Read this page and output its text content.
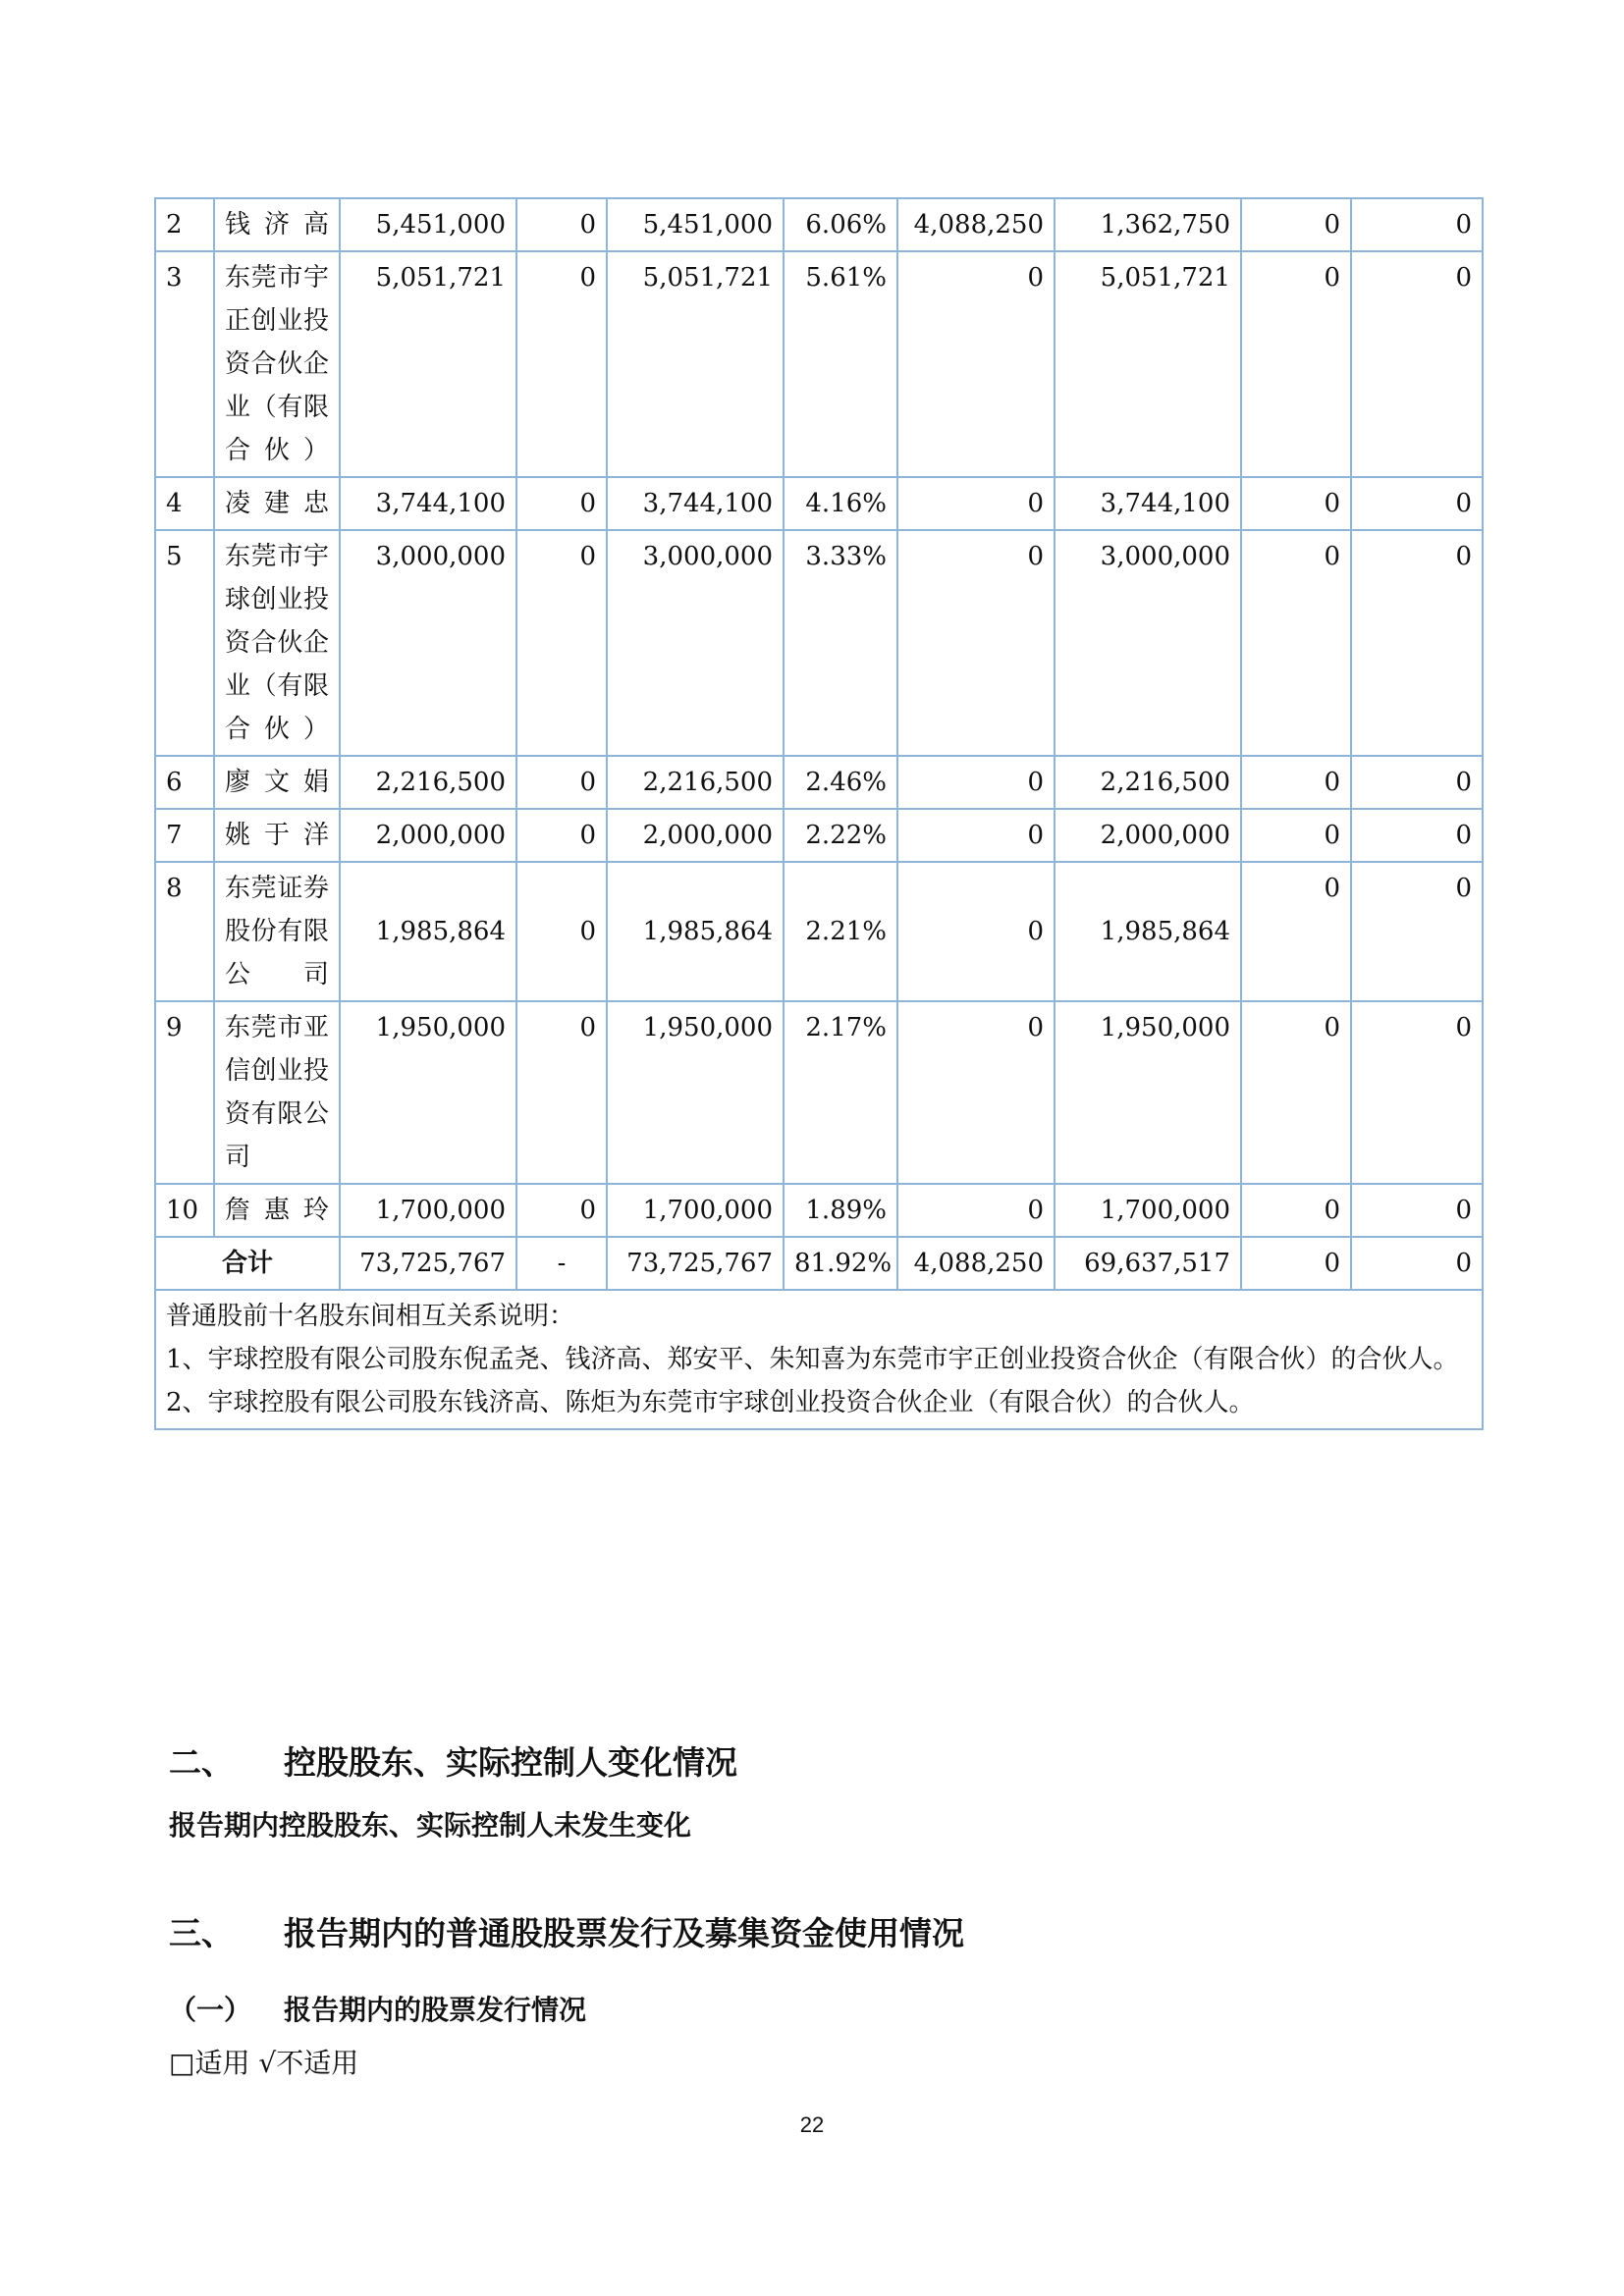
2	钱济高	5,451,000	0	5,451,000	6.06%	4,088,250	1,362,750	0	0
3	东莞市宇正创业投资合伙企业（有限合伙）	5,051,721	0	5,051,721	5.61%	0	5,051,721	0	0
4	凌建忠	3,744,100	0	3,744,100	4.16%	0	3,744,100	0	0
5	东莞市宇球创业投资合伙企业（有限合伙）	3,000,000	0	3,000,000	3.33%	0	3,000,000	0	0
6	廖文娟	2,216,500	0	2,216,500	2.46%	0	2,216,500	0	0
7	姚于洋	2,000,000	0	2,000,000	2.22%	0	2,000,000	0	0
8	东莞证券股份有限公司	1,985,864	0	1,985,864	2.21%	0	1,985,864	0	0
9	东莞市亚信创业投资有限公司	1,950,000	0	1,950,000	2.17%	0	1,950,000	0	0
10	詹惠玲	1,700,000	0	1,700,000	1.89%	0	1,700,000	0	0
合计		73,725,767	-	73,725,767	81.92%	4,088,250	69,637,517	0	0

普通股前十名股东间相互关系说明：
1、宇球控股有限公司股东倪孟尧、钱济高、郑安平、朱知喜为东莞市宇正创业投资合伙企（有限合伙）的合伙人。
2、宇球控股有限公司股东钱济高、陈炬为东莞市宇球创业投资合伙企业（有限合伙）的合伙人。									
二、 控股股东、实际控制人变化情况
报告期内控股股东、实际控制人未发生变化
三、 报告期内的普通股股票发行及募集资金使用情况
（一） 报告期内的股票发行情况
□适用 √不适用
22
